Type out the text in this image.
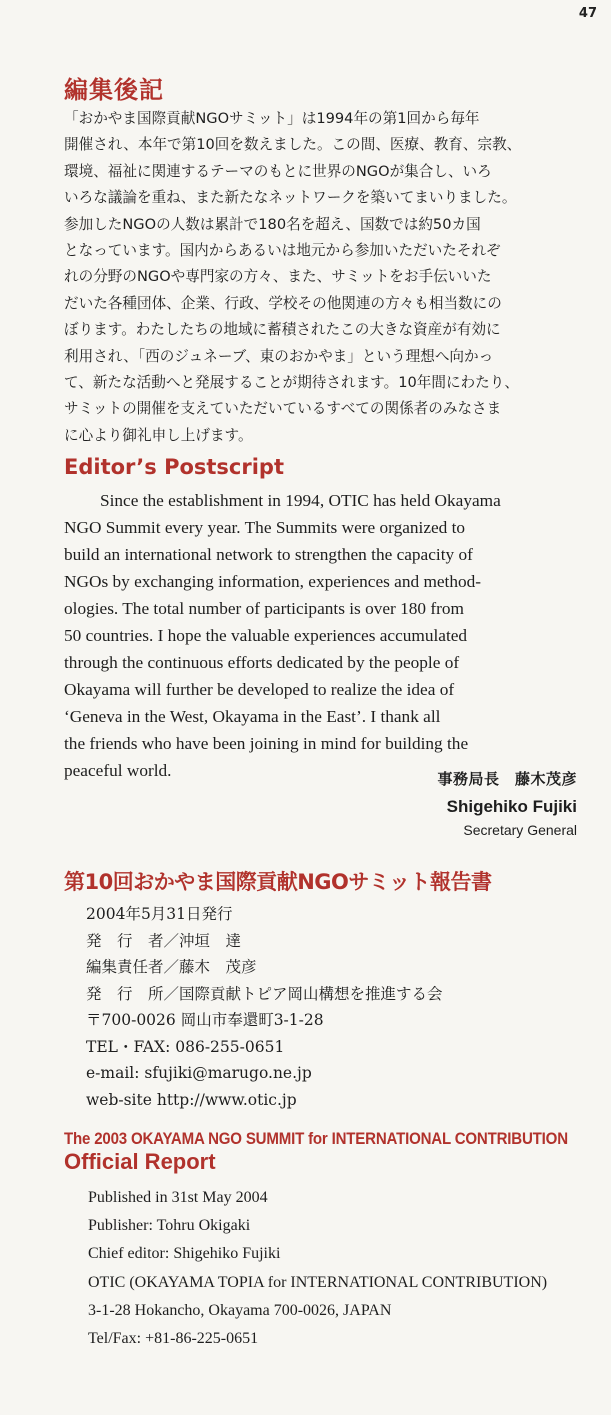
47
編集後記
「おかやま国際貢献NGOサミット」は1994年の第1回から毎年
開催され、本年で第10回を数えました。この間、医療、教育、宗教、
環境、福祉に関連するテーマのもとに世界のNGOが集合し、いろ
いろな議論を重ね、また新たなネットワークを築いてまいりました。
参加したNGOの人数は累計で180名を超え、国数では約50カ国
となっています。国内からあるいは地元から参加いただいたそれぞ
れの分野のNGOや専門家の方々、また、サミットをお手伝いいた
だいた各種団体、企業、行政、学校その他関連の方々も相当数にの
ぼります。わたしたちの地域に蓄積されたこの大きな資産が有効に
利用され、「西のジュネーブ、東のおかやま」という理想へ向かっ
て、新たな活動へと発展することが期待されます。10年間にわたり、
サミットの開催を支えていただいているすべての関係者のみなさま
に心より御礼申し上げます。
Editor’s Postscript
Since the establishment in 1994, OTIC has held Okayama
NGO Summit every year. The Summits were organized to
build an international network to strengthen the capacity of
NGOs by exchanging information, experiences and method-
ologies. The total number of participants is over 180 from
50 countries. I hope the valuable experiences accumulated
through the continuous efforts dedicated by the people of
Okayama will further be developed to realize the idea of
‘Geneva in the West, Okayama in the East’. I thank all
the friends who have been joining in mind for building the
peaceful world.	事務局長　藤木茂彦
Shigehiko Fujiki
Secretary General
第10回おかやま国際貢献NGOサミット報告書
2004年5月31日発行
発　行　者／沖垣　達
編集責任者／藤木　茂彦
発　行　所／国際貢献トピア岡山構想を推進する会
〒700-0026 岡山市奉還町3-1-28
TEL・FAX: 086-255-0651
e-mail: sfujiki@marugo.ne.jp
web-site http://www.otic.jp
The 2003 OKAYAMA NGO SUMMIT for INTERNATIONAL CONTRIBUTION
Official Report
Published in 31st May 2004
Publisher: Tohru Okigaki
Chief editor: Shigehiko Fujiki
OTIC (OKAYAMA TOPIA for INTERNATIONAL CONTRIBUTION)
3-1-28 Hokancho, Okayama 700-0026, JAPAN
Tel/Fax: +81-86-225-0651
